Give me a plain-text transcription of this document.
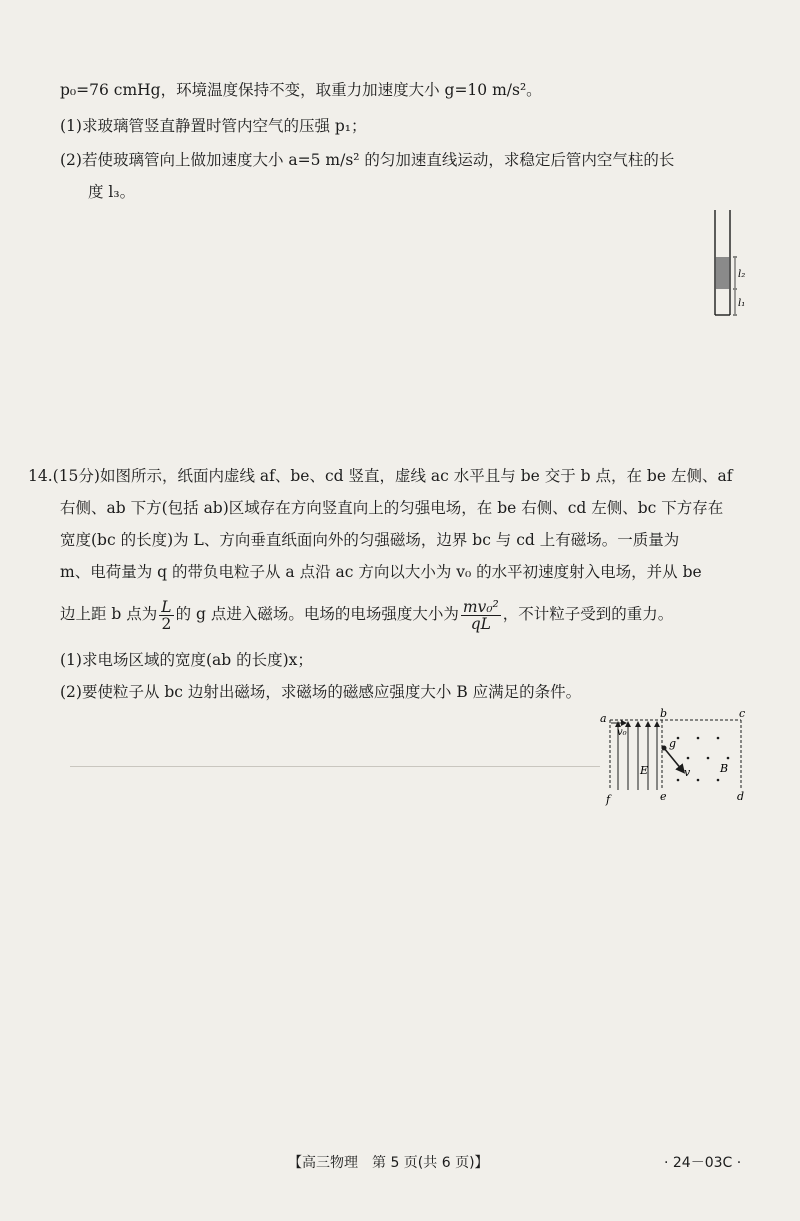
p₀=76 cmHg，环境温度保持不变，取重力加速度大小 g=10 m/s²。
(1)求玻璃管竖直静置时管内空气的压强 p₁；
(2)若使玻璃管向上做加速度大小 a=5 m/s² 的匀加速直线运动，求稳定后管内空气柱的长
度 l₃。
l₂
l₁
14.(15分)如图所示，纸面内虚线 af、be、cd 竖直，虚线 ac 水平且与 be 交于 b 点，在 be 左侧、af
右侧、ab 下方(包括 ab)区域存在方向竖直向上的匀强电场，在 be 右侧、cd 左侧、bc 下方存在
宽度(bc 的长度)为 L、方向垂直纸面向外的匀强磁场，边界 bc 与 cd 上有磁场。一质量为
m、电荷量为 q 的带负电粒子从 a 点沿 ac 方向以大小为 v₀ 的水平初速度射入电场，并从 be
边上距 b 点为 $\frac{L}{2}$ 的 g 点进入磁场。电场的电场强度大小为 $\frac{\text{mv₀²}}{qL}$ ，不计粒子受到的重力。
(1)求电场区域的宽度(ab 的长度)x；
(2)要使粒子从 bc 边射出磁场，求磁场的磁感应强度大小 B 应满足的条件。
a	b	c
f	e	d
g
v₀
v
E	B
【高三物理　第 5 页(共 6 页)】	· 24－03C ·
